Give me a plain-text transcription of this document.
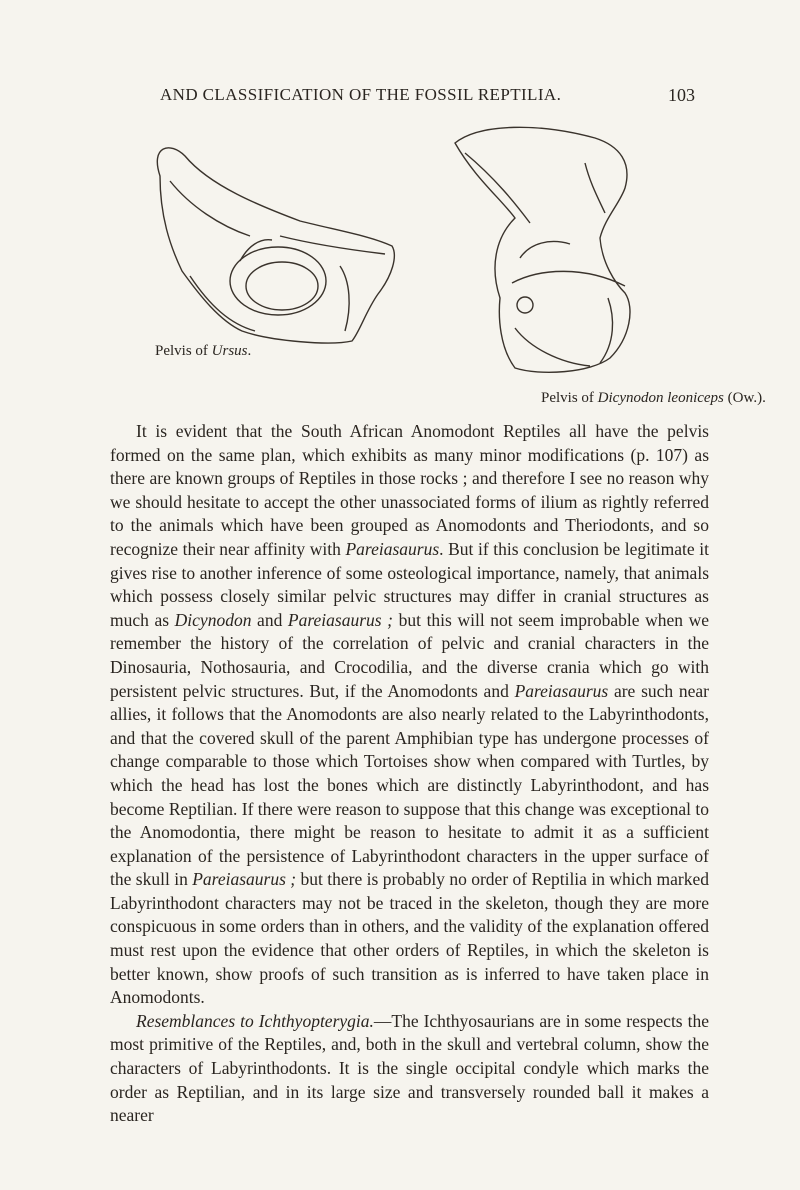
AND CLASSIFICATION OF THE FOSSIL REPTILIA.	103
Pelvis of Ursus.
Pelvis of Dicynodon leoniceps (Ow.).

It is evident that the South African Anomodont Reptiles all have the pelvis formed on the same plan, which exhibits as many minor modifications (p. 107) as there are known groups of Reptiles in those rocks ; and therefore I see no reason why we should hesitate to accept the other unassociated forms of ilium as rightly referred to the animals which have been grouped as Anomodonts and Theriodonts, and so recognize their near affinity with Pareiasaurus. But if this conclusion be legitimate it gives rise to another inference of some osteological importance, namely, that animals which possess closely similar pelvic structures may differ in cranial structures as much as Dicynodon and Pareiasaurus ; but this will not seem improbable when we remember the history of the correlation of pelvic and cranial characters in the Dinosauria, Nothosauria, and Crocodilia, and the diverse crania which go with persistent pelvic structures. But, if the Anomodonts and Pareiasaurus are such near allies, it follows that the Anomodonts are also nearly related to the Labyrinthodonts, and that the covered skull of the parent Amphibian type has undergone processes of change comparable to those which Tortoises show when compared with Turtles, by which the head has lost the bones which are distinctly Labyrinthodont, and has become Reptilian. If there were reason to suppose that this change was exceptional to the Anomodontia, there might be reason to hesitate to admit it as a sufficient explanation of the persistence of Labyrinthodont characters in the upper surface of the skull in Pareiasaurus ; but there is probably no order of Reptilia in which marked Labyrinthodont characters may not be traced in the skeleton, though they are more conspicuous in some orders than in others, and the validity of the explanation offered must rest upon the evidence that other orders of Reptiles, in which the skeleton is better known, show proofs of such transition as is inferred to have taken place in Anomodonts.

Resemblances to Ichthyopterygia.—The Ichthyosaurians are in some respects the most primitive of the Reptiles, and, both in the skull and vertebral column, show the characters of Labyrinthodonts. It is the single occipital condyle which marks the order as Reptilian, and in its large size and transversely rounded ball it makes a nearer
